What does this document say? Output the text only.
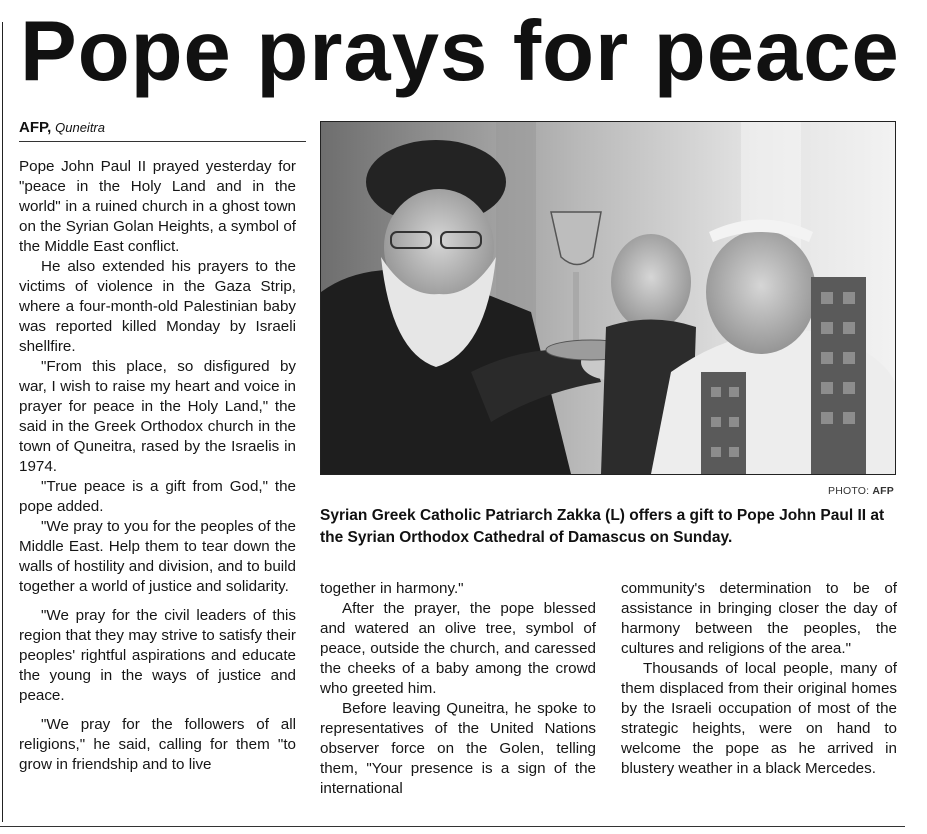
Pope prays for peace
AFP, Quneitra

Pope John Paul II prayed yesterday for "peace in the Holy Land and in the world" in a ruined church in a ghost town on the Syrian Golan Heights, a symbol of the Middle East conflict.

He also extended his prayers to the victims of violence in the Gaza Strip, where a four-month-old Palestinian baby was reported killed Monday by Israeli shellfire.

"From this place, so disfigured by war, I wish to raise my heart and voice in prayer for peace in the Holy Land," the said in the Greek Orthodox church in the town of Quneitra, rased by the Israelis in 1974.

"True peace is a gift from God," the pope added.

"We pray to you for the peoples of the Middle East. Help them to tear down the walls of hostility and division, and to build together a world of justice and solidarity.

"We pray for the civil leaders of this region that they may strive to satisfy their peoples' rightful aspirations and educate the young in the ways of justice and peace.

"We pray for the followers of all religions," he said, calling for them "to grow in friendship and to live

PHOTO: AFP
Syrian Greek Catholic Patriarch Zakka (L) offers a gift to Pope John Paul II at the Syrian Orthodox Cathedral of Damascus on Sunday.

together in harmony."

After the prayer, the pope blessed and watered an olive tree, symbol of peace, outside the church, and caressed the cheeks of a baby among the crowd who greeted him.

Before leaving Quneitra, he spoke to representatives of the United Nations observer force on the Golen, telling them, "Your presence is a sign of the international

community's determination to be of assistance in bringing closer the day of harmony between the peoples, the cultures and religions of the area."

Thousands of local people, many of them displaced from their original homes by the Israeli occupation of most of the strategic heights, were on hand to welcome the pope as he arrived in blustery weather in a black Mercedes.
